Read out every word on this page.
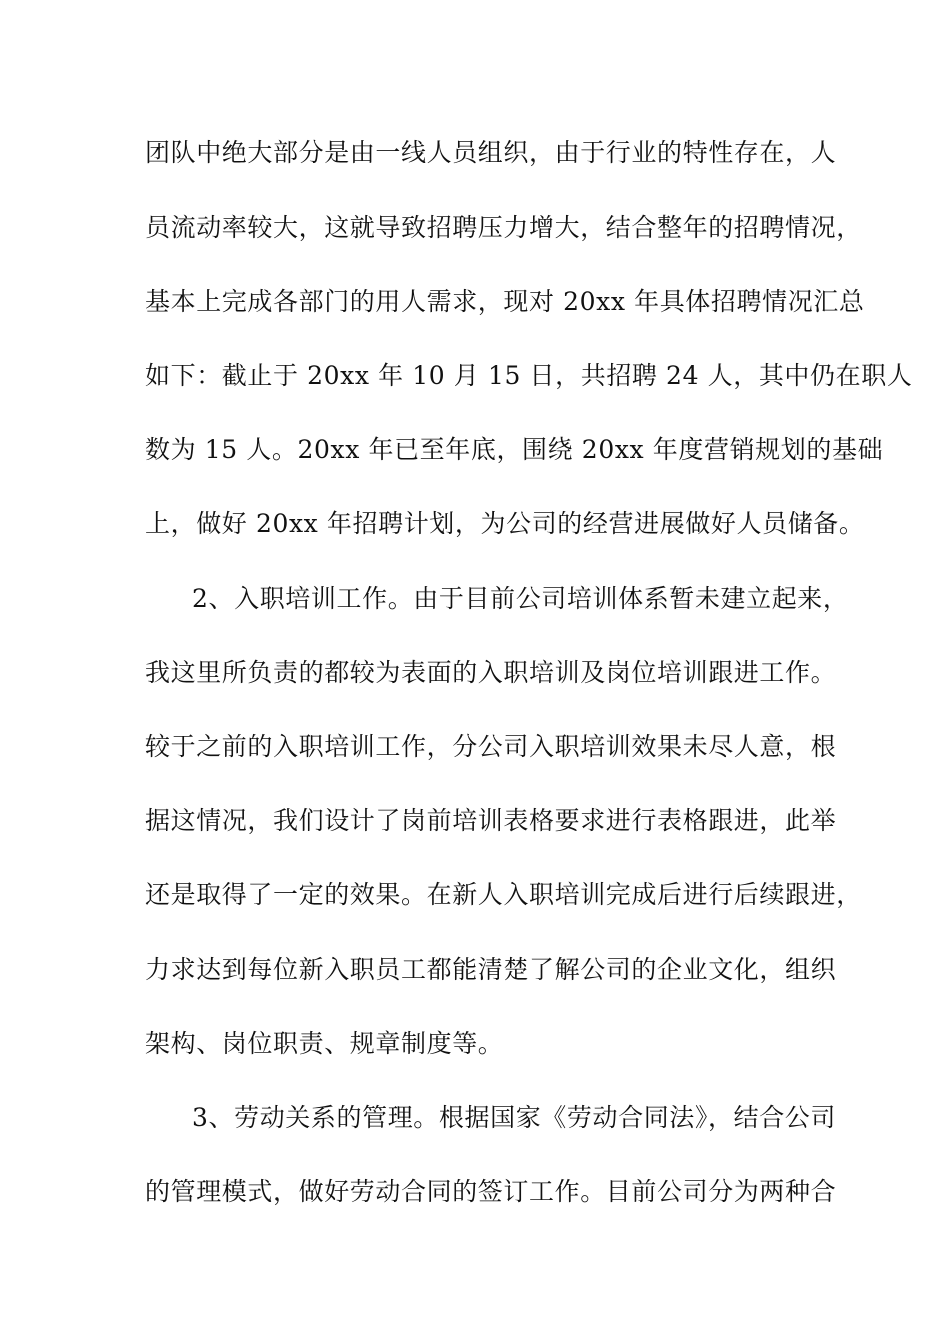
团队中绝大部分是由一线人员组织，由于行业的特性存在，人
员流动率较大，这就导致招聘压力增大，结合整年的招聘情况，
基本上完成各部门的用人需求，现对 20xx 年具体招聘情况汇总
如下：截止于 20xx 年 10 月 15 日，共招聘 24 人，其中仍在职人
数为 15 人。20xx 年已至年底，围绕 20xx 年度营销规划的基础
上，做好 20xx 年招聘计划，为公司的经营进展做好人员储备。
2、入职培训工作。由于目前公司培训体系暂未建立起来，
我这里所负责的都较为表面的入职培训及岗位培训跟进工作。
较于之前的入职培训工作，分公司入职培训效果未尽人意，根
据这情况，我们设计了岗前培训表格要求进行表格跟进，此举
还是取得了一定的效果。在新人入职培训完成后进行后续跟进，
力求达到每位新入职员工都能清楚了解公司的企业文化，组织
架构、岗位职责、规章制度等。
3、劳动关系的管理。根据国家《劳动合同法》，结合公司
的管理模式，做好劳动合同的签订工作。目前公司分为两种合
